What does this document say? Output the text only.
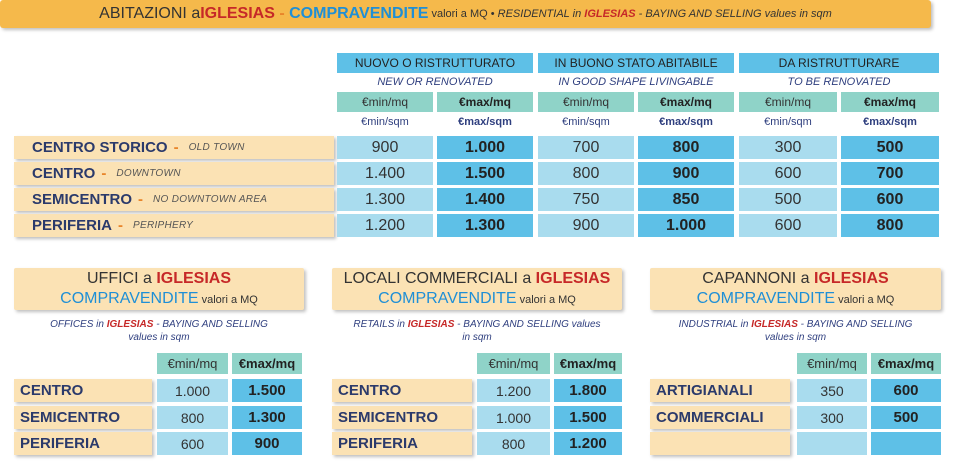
ABITAZIONI a IGLESIAS - COMPRAVENDITE valori a MQ • RESIDENTIAL in IGLESIAS - BAYING AND SELLING values in sqm
NUOVO O RISTRUTTURATO	IN BUONO STATO ABITABILE	DA RISTRUTTURARE
NEW OR RENOVATED	IN GOOD SHAPE LIVINGABLE	TO BE RENOVATED
€min/mq	€max/mq	€min/mq	€max/mq	€min/mq	€max/mq
€min/sqm	€max/sqm	€min/sqm	€max/sqm	€min/sqm	€max/sqm
CENTRO STORICO - OLD TOWN	900	1.000	700	800	300	500
CENTRO - DOWNTOWN	1.400	1.500	800	900	600	700
SEMICENTRO - NO DOWNTOWN AREA	1.300	1.400	750	850	500	600
PERIFERIA - PERIPHERY	1.200	1.300	900	1.000	600	800
UFFICI a IGLESIAS
COMPRAVENDITE valori a MQ
OFFICES in IGLESIAS - BAYING AND SELLING
values in sqm
€min/mq	€max/mq
CENTRO	1.000	1.500
SEMICENTRO	800	1.300
PERIFERIA	600	900
LOCALI COMMERCIALI a IGLESIAS
COMPRAVENDITE valori a MQ
RETAILS in IGLESIAS - BAYING AND SELLING values
in sqm
€min/mq	€max/mq
CENTRO	1.200	1.800
SEMICENTRO	1.000	1.500
PERIFERIA	800	1.200
CAPANNONI a IGLESIAS
COMPRAVENDITE valori a MQ
INDUSTRIAL in IGLESIAS - BAYING AND SELLING
values in sqm
€min/mq	€max/mq
ARTIGIANALI	350	600
COMMERCIALI	300	500
